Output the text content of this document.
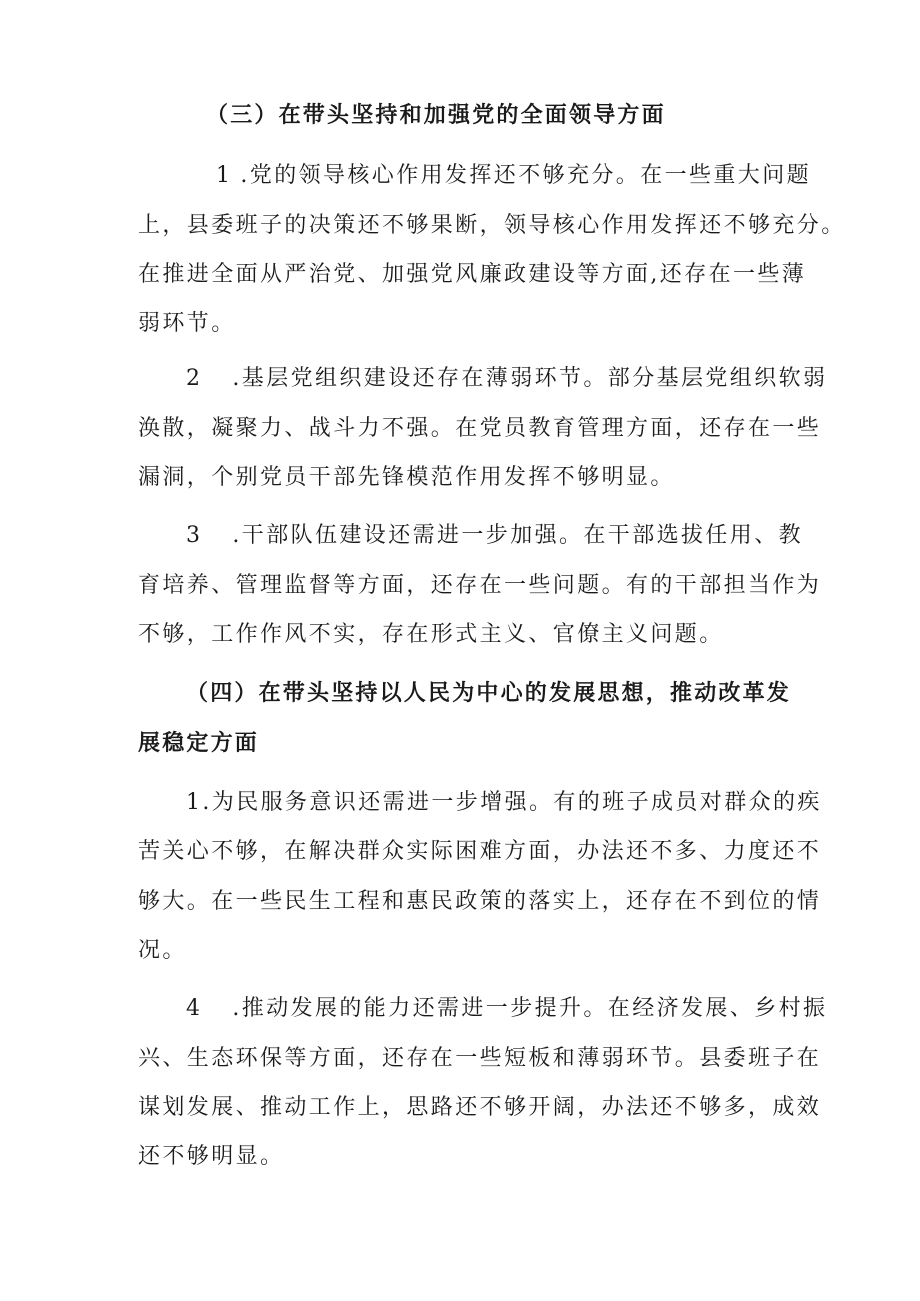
（三）在带头坚持和加强党的全面领导方面
1 .党的领导核心作用发挥还不够充分。在一些重大问题
上，县委班子的决策还不够果断，领导核心作用发挥还不够充分。
在推进全面从严治党、加强党风廉政建设等方面,还存在一些薄
弱环节。
2 .基层党组织建设还存在薄弱环节。部分基层党组织软弱
涣散，凝聚力、战斗力不强。在党员教育管理方面，还存在一些
漏洞，个别党员干部先锋模范作用发挥不够明显。
3 .干部队伍建设还需进一步加强。在干部选拔任用、教
育培养、管理监督等方面，还存在一些问题。有的干部担当作为
不够，工作作风不实，存在形式主义、官僚主义问题。
（四）在带头坚持以人民为中心的发展思想，推动改革发
展稳定方面
1.为民服务意识还需进一步增强。有的班子成员对群众的疾
苦关心不够，在解决群众实际困难方面，办法还不多、力度还不
够大。在一些民生工程和惠民政策的落实上，还存在不到位的情
况。
4 .推动发展的能力还需进一步提升。在经济发展、乡村振
兴、生态环保等方面，还存在一些短板和薄弱环节。县委班子在
谋划发展、推动工作上，思路还不够开阔，办法还不够多，成效
还不够明显。
